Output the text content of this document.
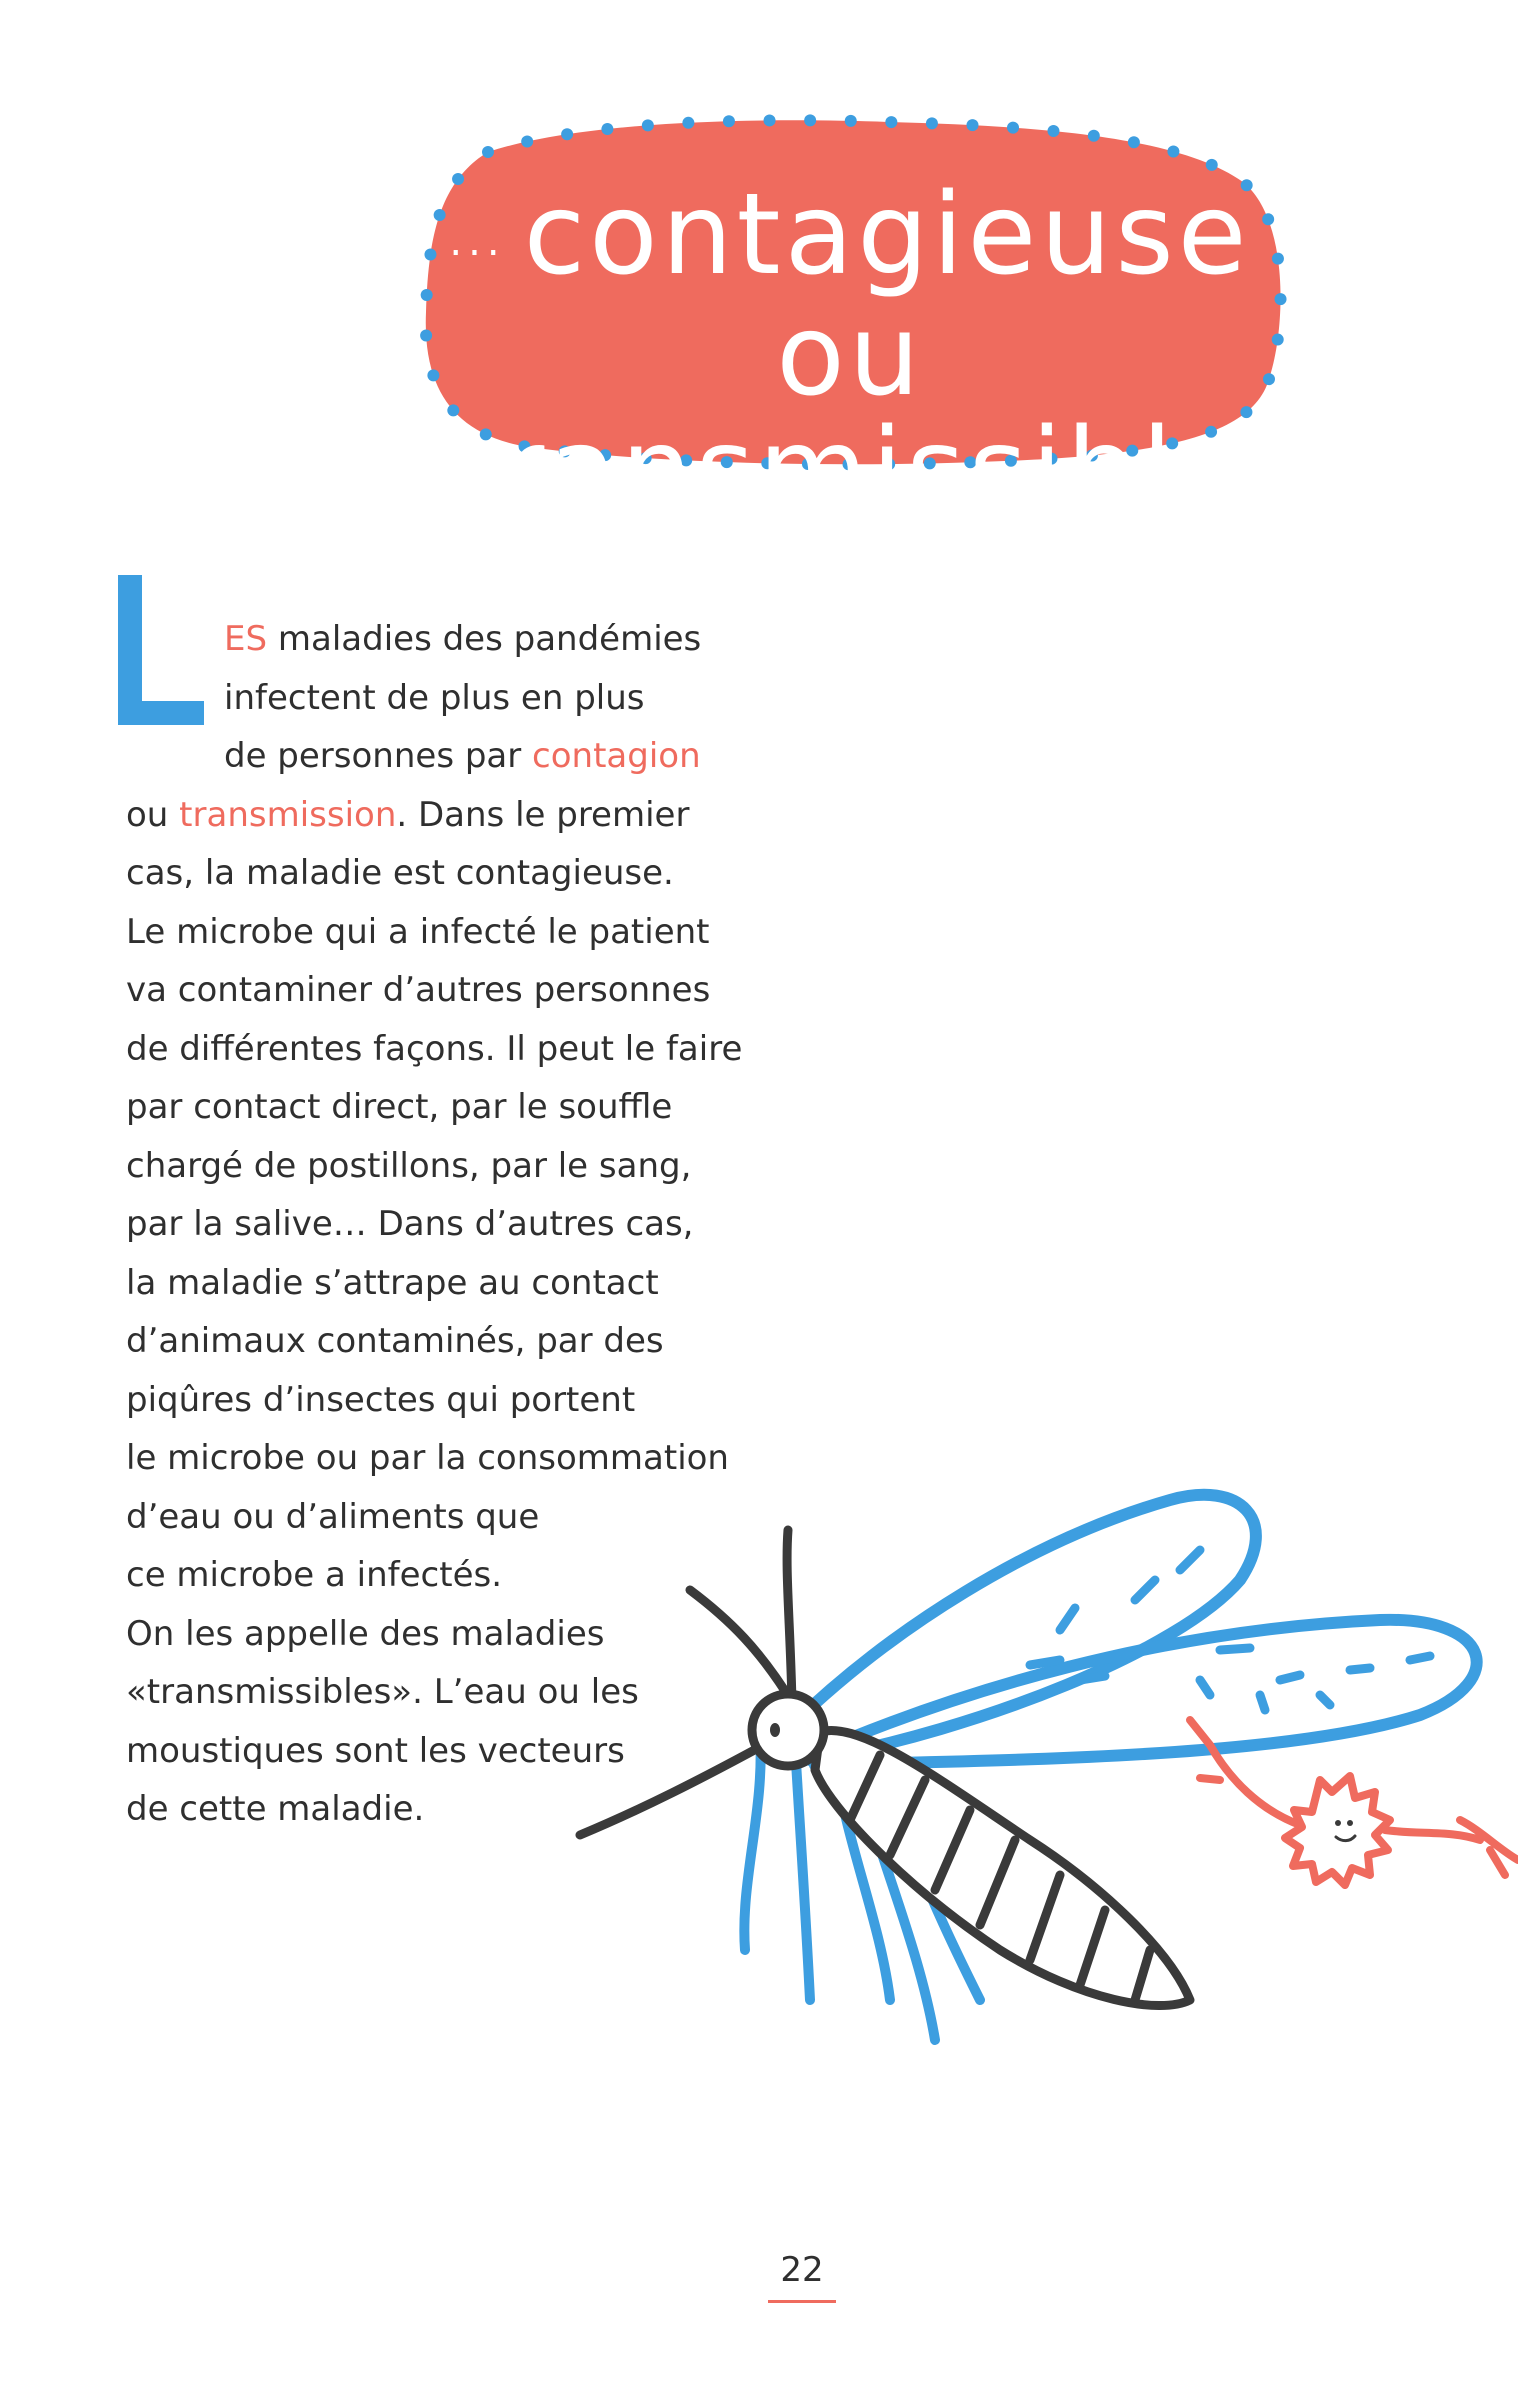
... contagieuse
ou transmissible
ES maladies des pandémies
infectent de plus en plus
de personnes par contagion
ou transmission. Dans le premier
cas, la maladie est contagieuse.
Le microbe qui a infecté le patient
va contaminer d’autres personnes
de différentes façons. Il peut le faire
par contact direct, par le souffle
chargé de postillons, par le sang,
par la salive… Dans d’autres cas,
la maladie s’attrape au contact
d’animaux contaminés, par des
piqûres d’insectes qui portent
le microbe ou par la consommation
d’eau ou d’aliments que
ce microbe a infectés.
On les appelle des maladies
«transmissibles». L’eau ou les
moustiques sont les vecteurs
de cette maladie.
22
